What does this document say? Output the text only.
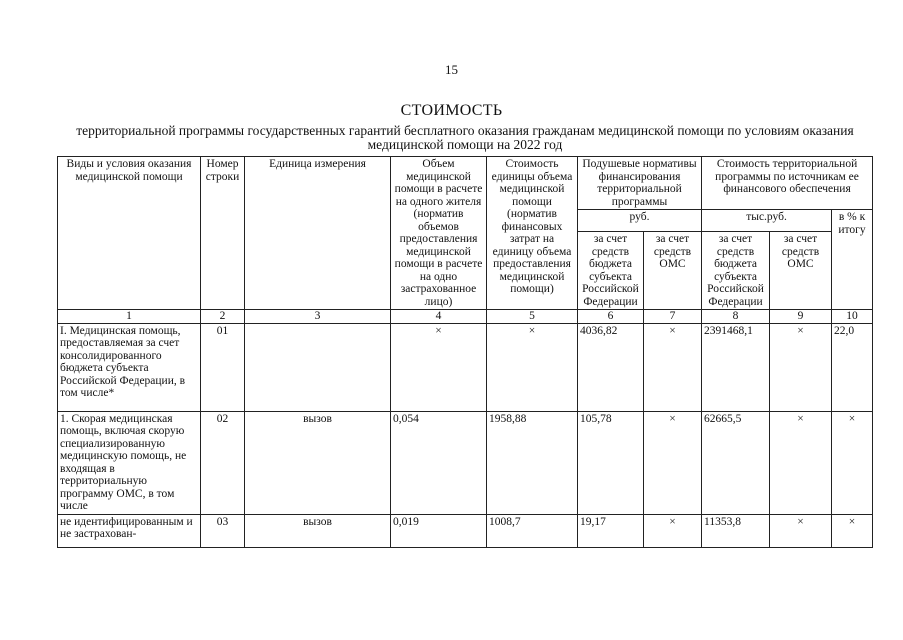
15
СТОИМОСТЬ
территориальной программы государственных гарантий бесплатного оказания гражданам медицинской помощи по условиям оказания медицинской помощи на 2022 год
Виды и условия оказания медицинской помощи	Номер строки	Единица измерения	Объем медицинской помощи в расчете на одного жителя (норматив объемов предоставления медицинской помощи в расчете на одно застрахованное лицо)	Стоимость единицы объема медицинской помощи (норматив финансовых затрат на единицу объема предоставления медицинской помощи)	Подушевые нормативы финансирования территориальной программы		Стоимость территориальной программы по источникам ее финансового обеспечения		
					руб.		тыс.руб.		в % к итогу
					за счет средств бюджета субъекта Российской Федерации	за счет средств ОМС	за счет средств бюджета субъекта Российской Федерации	за счет средств ОМС	
1	2	3	4	5	6	7	8	9	10
I. Медицинская помощь, предоставляемая за счет консолидированного бюджета субъекта Российской Федерации, в том числе*	01		×	×	4036,82	×	2391468,1	×	22,0
1. Скорая медицинская помощь, включая скорую специализированную медицинскую помощь, не входящая в территориальную программу ОМС, в том числе	02	вызов	0,054	1958,88	105,78	×	62665,5	×	×
не идентифицированным и не застрахован-	03	вызов	0,019	1008,7	19,17	×	11353,8	×	×
